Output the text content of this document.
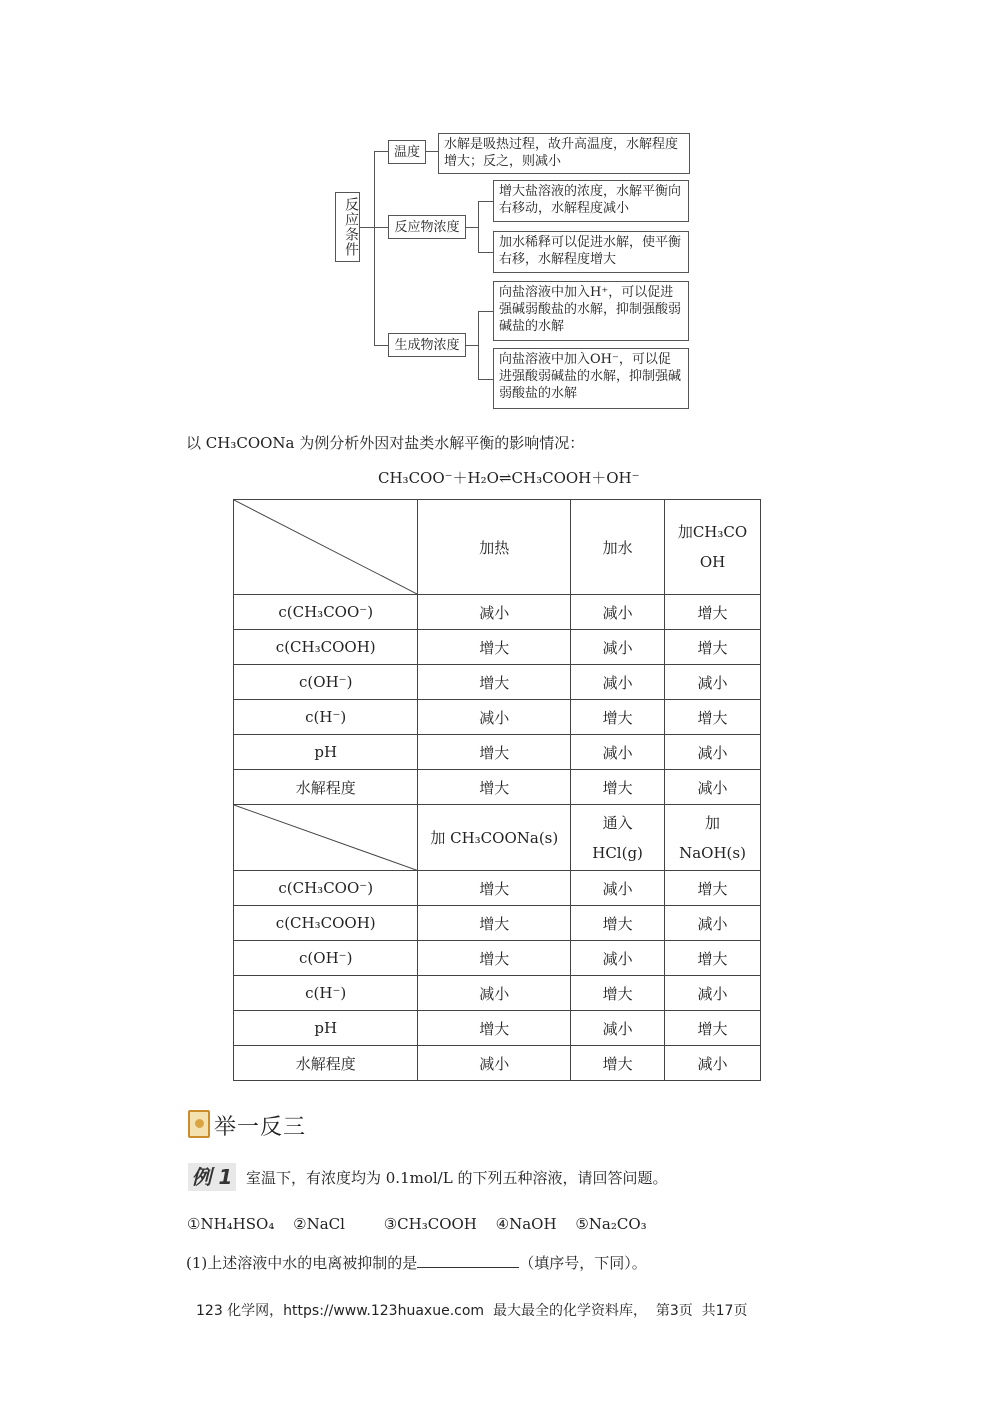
反应条件
温度
水解是吸热过程，故升高温度，水解程度增大；反之，则减小
反应物浓度
增大盐溶液的浓度，水解平衡向右移动，水解程度减小
加水稀释可以促进水解，使平衡右移，水解程度增大
生成物浓度
向盐溶液中加入H⁺，可以促进强碱弱酸盐的水解，抑制强酸弱碱盐的水解
向盐溶液中加入OH⁻，可以促进强酸弱碱盐的水解，抑制强碱弱酸盐的水解
以 CH₃COONa 为例分析外因对盐类水解平衡的影响情况：
CH₃COO⁻＋H₂O⇌CH₃COOH＋OH⁻
	加热	加水	加CH₃COOH
c(CH₃COO⁻)	减小	减小	增大
c(CH₃COOH)	增大	减小	增大
c(OH⁻)	增大	减小	减小
c(H⁻)	减小	增大	增大
pH	增大	减小	减小
水解程度	增大	增大	减小

	加 CH₃COONa(s)	通入HCl(g)	加NaOH(s)
c(CH₃COO⁻)	增大	减小	增大
c(CH₃COOH)	增大	增大	减小
c(OH⁻)	增大	减小	增大
c(H⁻)	减小	增大	减小
pH	增大	减小	增大
水解程度	减小	增大	减小
举一反三
例 1 室温下，有浓度均为 0.1mol/L 的下列五种溶液，请回答问题。
①NH₄HSO₄ ②NaCl	③CH₃COOH ④NaOH ⑤Na₂CO₃
(1)上述溶液中水的电离被抑制的是	（填序号，下同）。
123 化学网，https://www.123huaxue.com  最大最全的化学资料库，  第3页  共17页
